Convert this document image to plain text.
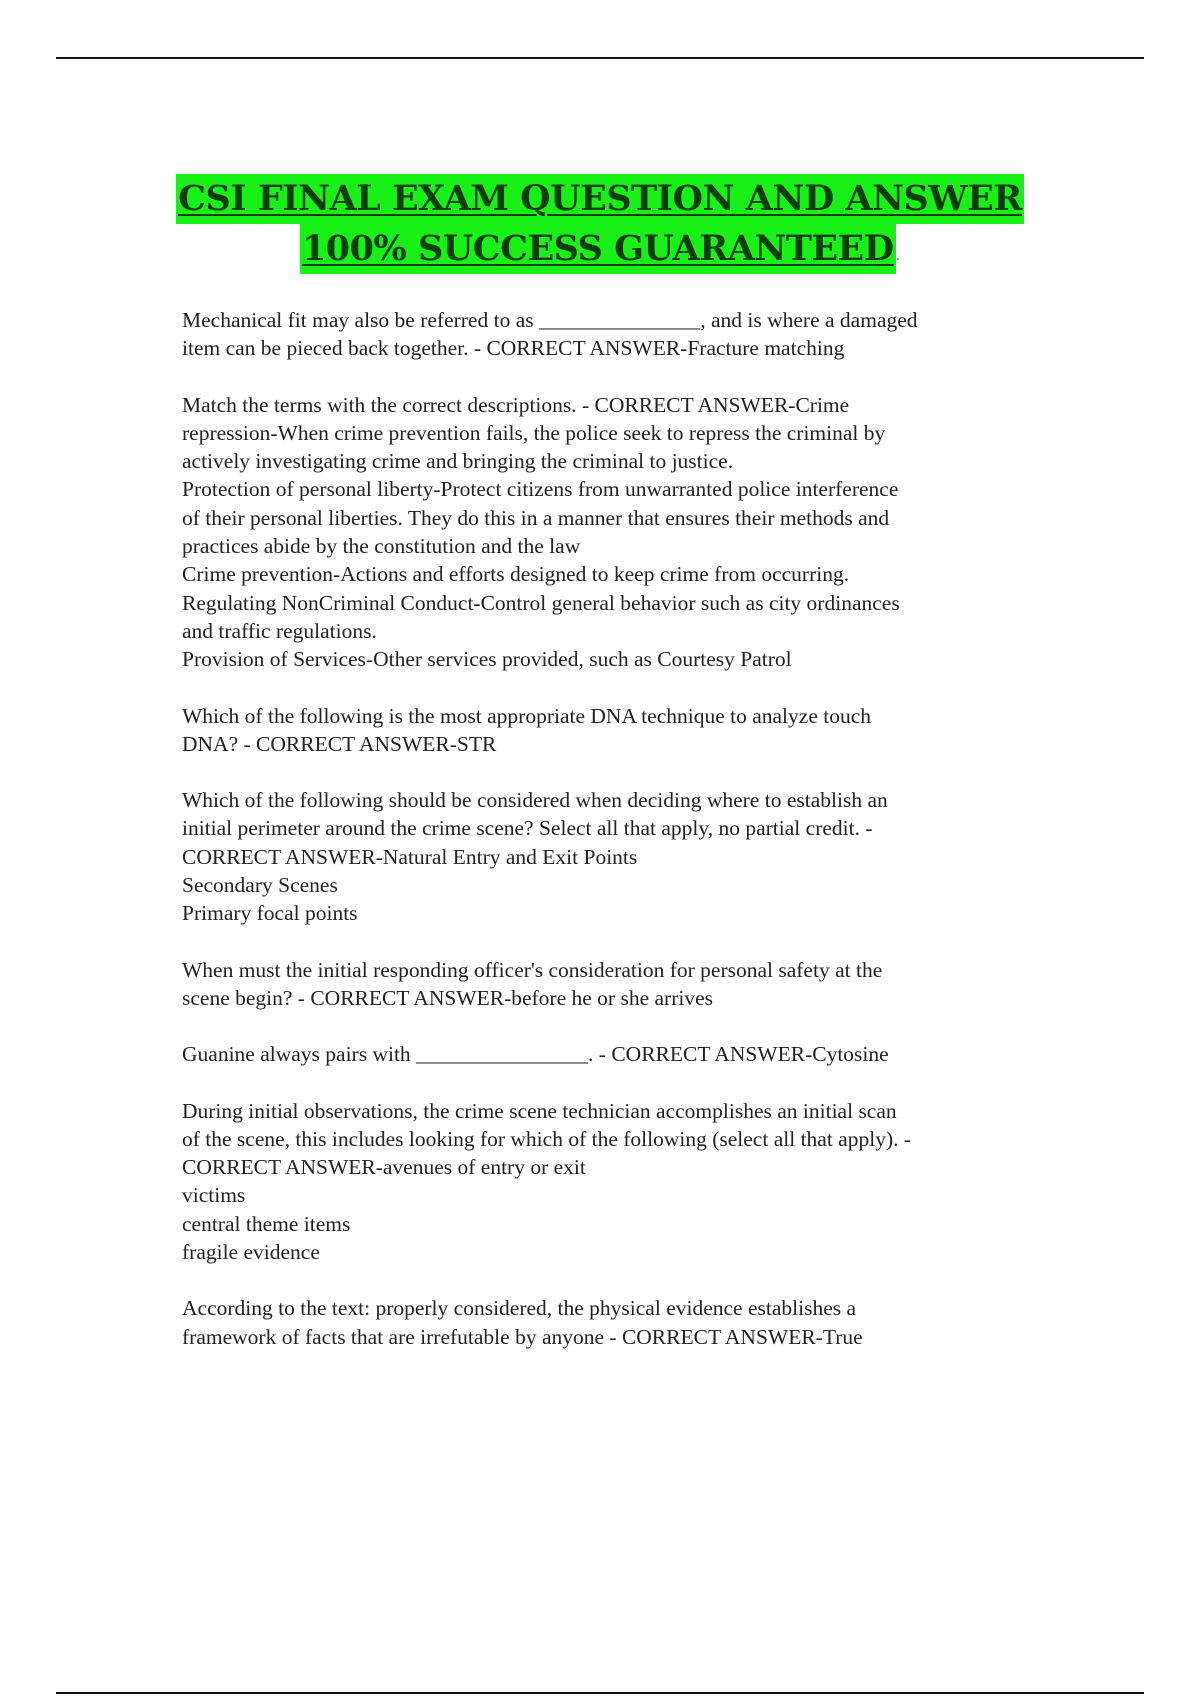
CSI FINAL EXAM QUESTION AND ANSWER
100% SUCCESS GUARANTEED .
Mechanical fit may also be referred to as _______________, and is where a damaged
item can be pieced back together. - CORRECT ANSWER-Fracture matching
Match the terms with the correct descriptions. - CORRECT ANSWER-Crime
repression-When crime prevention fails, the police seek to repress the criminal by
actively investigating crime and bringing the criminal to justice.
Protection of personal liberty-Protect citizens from unwarranted police interference
of their personal liberties. They do this in a manner that ensures their methods and
practices abide by the constitution and the law
Crime prevention-Actions and efforts designed to keep crime from occurring.
Regulating NonCriminal Conduct-Control general behavior such as city ordinances
and traffic regulations.
Provision of Services-Other services provided, such as Courtesy Patrol
Which of the following is the most appropriate DNA technique to analyze touch
DNA? - CORRECT ANSWER-STR
Which of the following should be considered when deciding where to establish an
initial perimeter around the crime scene? Select all that apply, no partial credit. -
CORRECT ANSWER-Natural Entry and Exit Points
Secondary Scenes
Primary focal points
When must the initial responding officer's consideration for personal safety at the
scene begin? - CORRECT ANSWER-before he or she arrives
Guanine always pairs with ________________. - CORRECT ANSWER-Cytosine
During initial observations, the crime scene technician accomplishes an initial scan
of the scene, this includes looking for which of the following (select all that apply). -
CORRECT ANSWER-avenues of entry or exit
victims
central theme items
fragile evidence
According to the text: properly considered, the physical evidence establishes a
framework of facts that are irrefutable by anyone - CORRECT ANSWER-True
